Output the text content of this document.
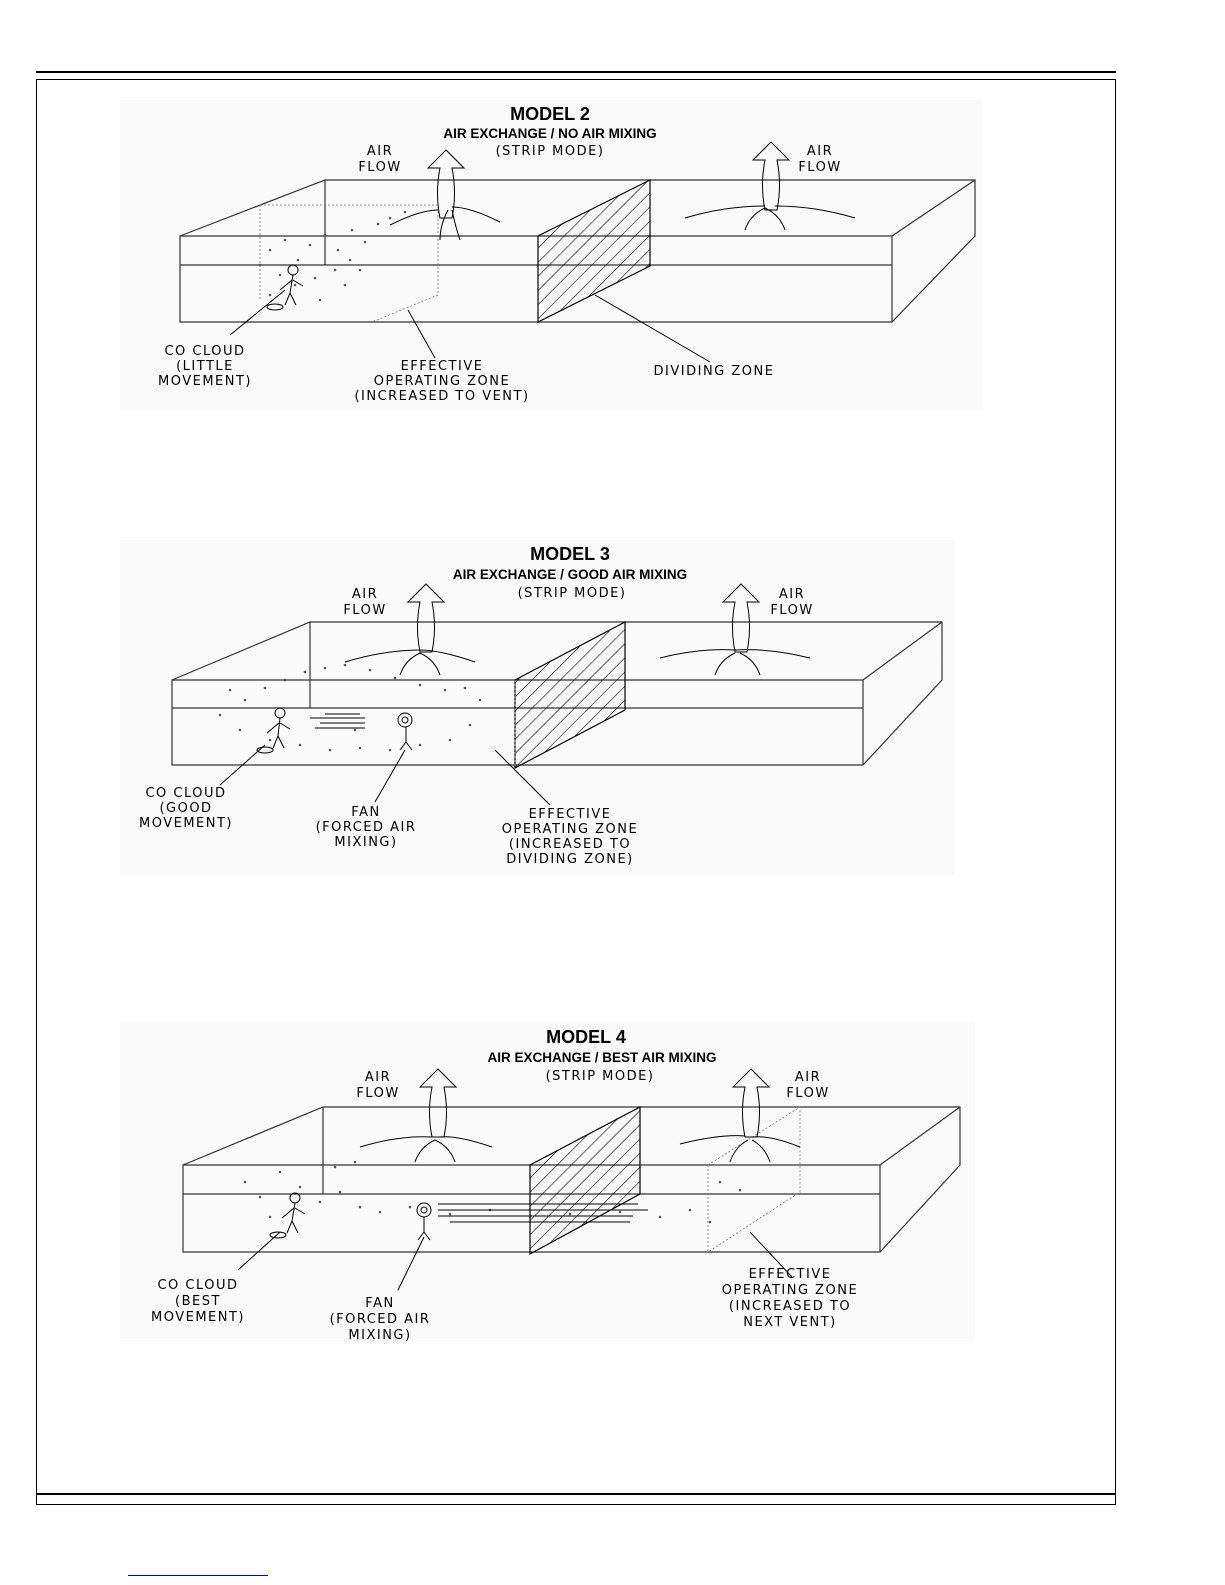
MODEL 2
AIR EXCHANGE / NO AIR MIXING
(STRIP MODE)
AIR
FLOW
AIR
FLOW
CO CLOUD
(LITTLE
MOVEMENT)
EFFECTIVE
OPERATING ZONE
(INCREASED TO VENT)
DIVIDING ZONE
MODEL 3
AIR EXCHANGE / GOOD AIR MIXING
(STRIP MODE)
AIR
FLOW
AIR
FLOW
CO CLOUD
(GOOD
MOVEMENT)
FAN
(FORCED AIR
MIXING)
EFFECTIVE
OPERATING ZONE
(INCREASED TO
DIVIDING ZONE)
MODEL 4
AIR EXCHANGE / BEST AIR MIXING
(STRIP MODE)
AIR
FLOW
AIR
FLOW
CO CLOUD
(BEST
MOVEMENT)
FAN
(FORCED AIR
MIXING)
EFFECTIVE
OPERATING ZONE
(INCREASED TO
NEXT VENT)
